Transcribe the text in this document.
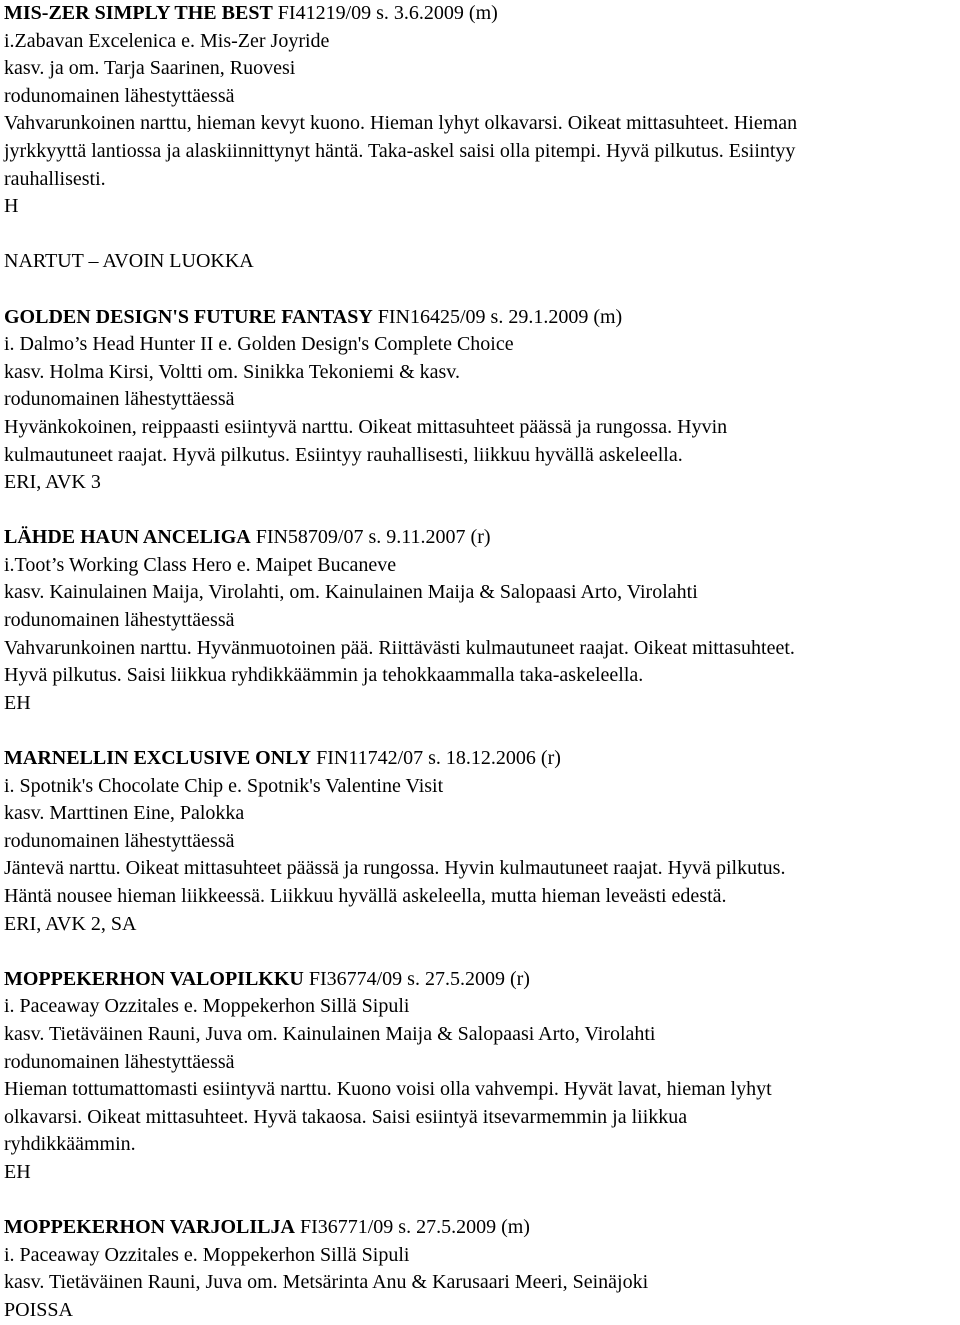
MIS-ZER SIMPLY THE BEST FI41219/09 s. 3.6.2009 (m)
i.Zabavan Excelenica e. Mis-Zer Joyride
kasv. ja om. Tarja Saarinen, Ruovesi
rodunomainen lähestyttäessä
Vahvarunkoinen narttu, hieman kevyt kuono. Hieman lyhyt olkavarsi. Oikeat mittasuhteet. Hieman
jyrkkyyttä lantiossa ja alaskiinnittynyt häntä. Taka-askel saisi olla pitempi. Hyvä pilkutus. Esiintyy
rauhallisesti.
H
NARTUT – AVOIN LUOKKA
GOLDEN DESIGN'S FUTURE FANTASY FIN16425/09 s. 29.1.2009 (m)
i. Dalmo’s Head Hunter II e. Golden Design's Complete Choice
kasv. Holma Kirsi, Voltti om. Sinikka Tekoniemi & kasv.
rodunomainen lähestyttäessä
Hyvänkokoinen, reippaasti esiintyvä narttu. Oikeat mittasuhteet päässä ja rungossa. Hyvin
kulmautuneet raajat. Hyvä pilkutus. Esiintyy rauhallisesti, liikkuu hyvällä askeleella.
ERI, AVK 3
LÄHDE HAUN ANCELIGA FIN58709/07 s. 9.11.2007 (r)
i.Toot’s Working Class Hero e. Maipet Bucaneve
kasv. Kainulainen Maija, Virolahti, om. Kainulainen Maija & Salopaasi Arto, Virolahti
rodunomainen lähestyttäessä
Vahvarunkoinen narttu. Hyvänmuotoinen pää. Riittävästi kulmautuneet raajat. Oikeat mittasuhteet.
Hyvä pilkutus. Saisi liikkua ryhdikkäämmin ja tehokkaammalla taka-askeleella.
EH
MARNELLIN EXCLUSIVE ONLY FIN11742/07 s. 18.12.2006 (r)
i. Spotnik's Chocolate Chip e. Spotnik's Valentine Visit
kasv. Marttinen Eine, Palokka
rodunomainen lähestyttäessä
Jäntevä narttu. Oikeat mittasuhteet päässä ja rungossa. Hyvin kulmautuneet raajat. Hyvä pilkutus.
Häntä nousee hieman liikkeessä. Liikkuu hyvällä askeleella, mutta hieman leveästi edestä.
ERI, AVK 2, SA
MOPPEKERHON VALOPILKKU FI36774/09 s. 27.5.2009 (r)
i. Paceaway Ozzitales e. Moppekerhon Sillä Sipuli
kasv. Tietäväinen Rauni, Juva om. Kainulainen Maija & Salopaasi Arto, Virolahti
rodunomainen lähestyttäessä
Hieman tottumattomasti esiintyvä narttu. Kuono voisi olla vahvempi. Hyvät lavat, hieman lyhyt
olkavarsi. Oikeat mittasuhteet. Hyvä takaosa. Saisi esiintyä itsevarmemmin ja liikkua
ryhdikkäämmin.
EH
MOPPEKERHON VARJOLILJA FI36771/09 s. 27.5.2009 (m)
i. Paceaway Ozzitales e. Moppekerhon Sillä Sipuli
kasv. Tietäväinen Rauni, Juva om. Metsärinta Anu & Karusaari Meeri, Seinäjoki
POISSA
